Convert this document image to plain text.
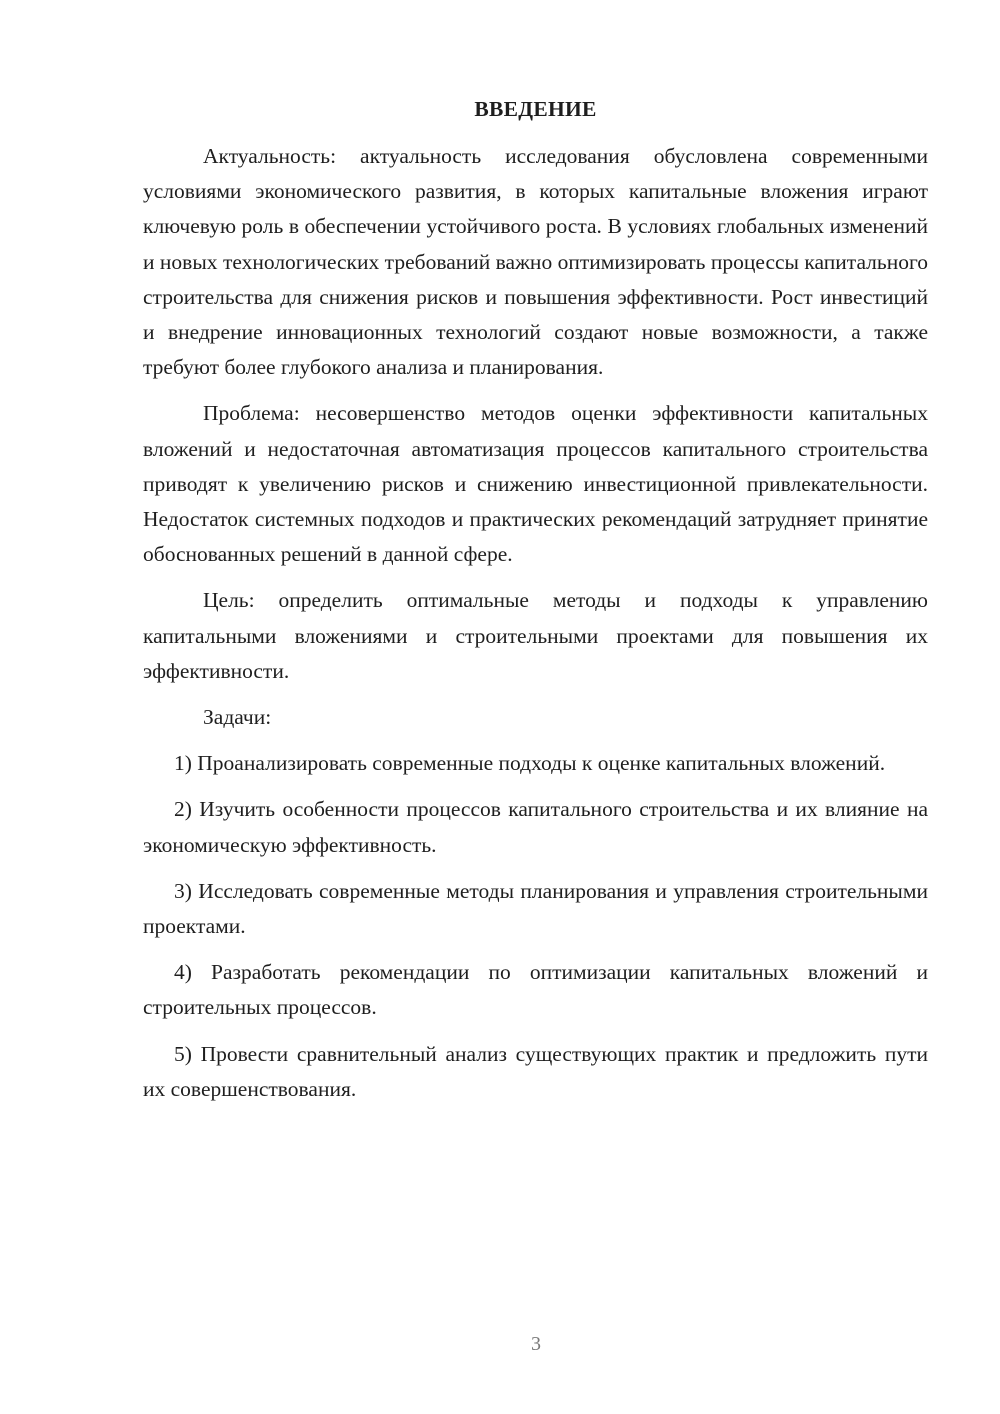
ВВЕДЕНИЕ

Актуальность: актуальность исследования обусловлена современными условиями экономического развития, в которых капитальные вложения играют ключевую роль в обеспечении устойчивого роста. В условиях глобальных изменений и новых технологических требований важно оптимизировать процессы капитального строительства для снижения рисков и повышения эффективности. Рост инвестиций и внедрение инновационных технологий создают новые возможности, а также требуют более глубокого анализа и планирования.

Проблема: несовершенство методов оценки эффективности капитальных вложений и недостаточная автоматизация процессов капитального строительства приводят к увеличению рисков и снижению инвестиционной привлекательности. Недостаток системных подходов и практических рекомендаций затрудняет принятие обоснованных решений в данной сфере.

Цель: определить оптимальные методы и подходы к управлению капитальными вложениями и строительными проектами для повышения их эффективности.

Задачи:

1) Проанализировать современные подходы к оценке капитальных вложений.

2) Изучить особенности процессов капитального строительства и их влияние на экономическую эффективность.

3) Исследовать современные методы планирования и управления строительными проектами.

4) Разработать рекомендации по оптимизации капитальных вложений и строительных процессов.

5) Провести сравнительный анализ существующих практик и предложить пути их совершенствования.

3
